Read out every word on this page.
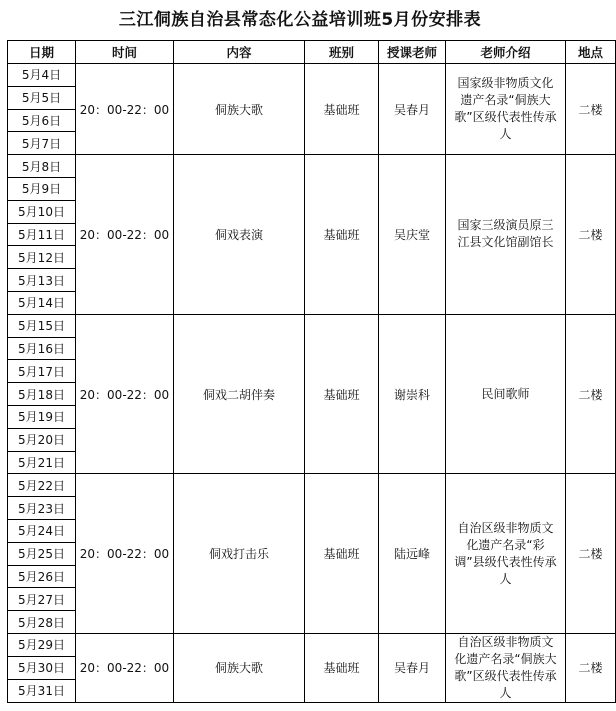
三江侗族自治县常态化公益培训班5月份安排表
日期	时间	内容	班别	授课老师	老师介绍	地点
5月4日	20：00-22：00	侗族大歌	基础班	吴春月	国家级非物质文化遗产名录“侗族大歌”区级代表性传承人	二楼
5月5日						
5月6日						
5月7日						
5月8日	20：00-22：00	侗戏表演	基础班	吴庆堂	国家三级演员原三江县文化馆副馆长	二楼
5月9日						
5月10日						
5月11日						
5月12日						
5月13日						
5月14日						
5月15日	20：00-22：00	侗戏二胡伴奏	基础班	谢崇科	民间歌师	二楼
5月16日						
5月17日						
5月18日						
5月19日						
5月20日						
5月21日						
5月22日	20：00-22：00	侗戏打击乐	基础班	陆远峰	自治区级非物质文化遗产名录“彩调”县级代表性传承人	二楼
5月23日						
5月24日						
5月25日						
5月26日						
5月27日						
5月28日						
5月29日	20：00-22：00	侗族大歌	基础班	吴春月	自治区级非物质文化遗产名录“侗族大歌”区级代表性传承人	二楼
5月30日						
5月31日						
